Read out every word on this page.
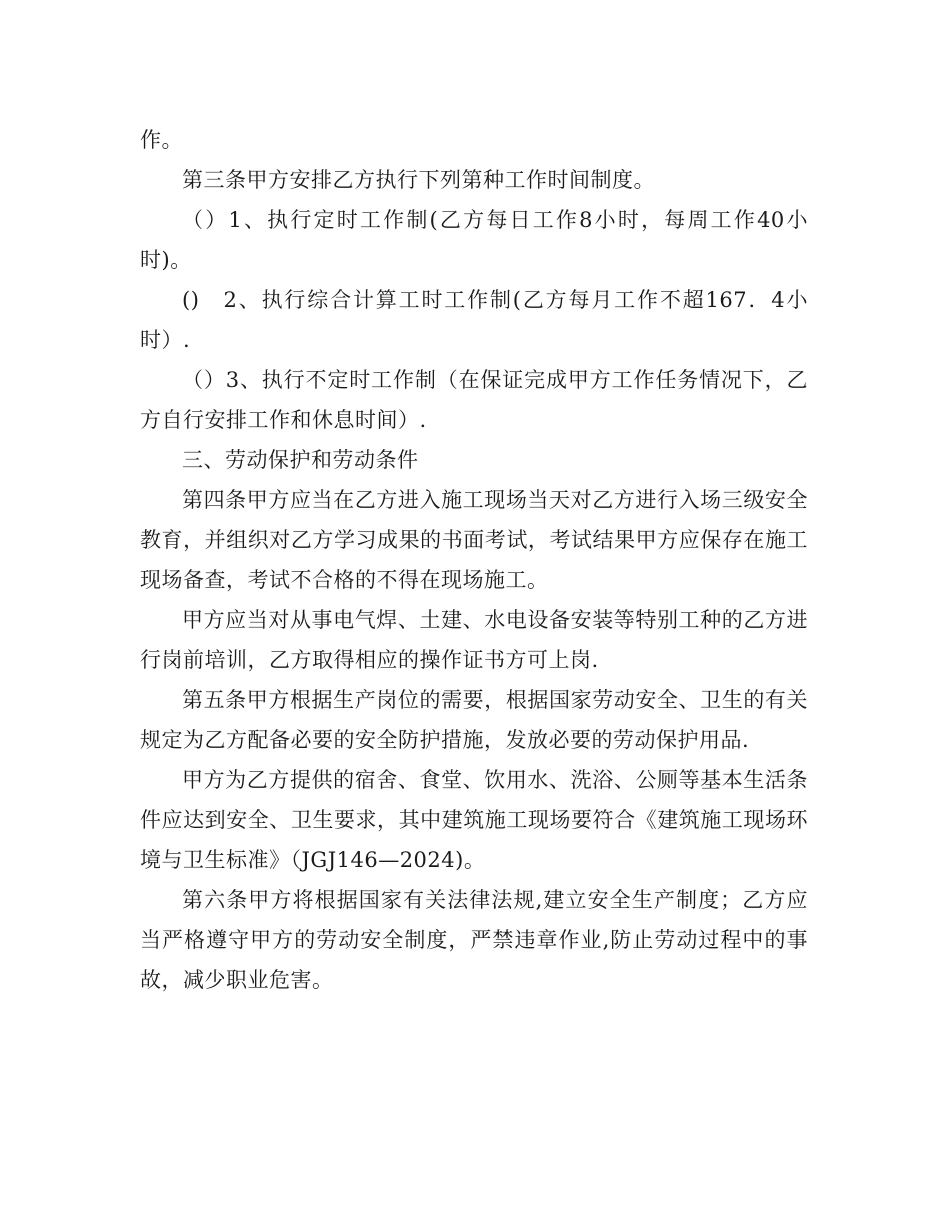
作。

第三条甲方安排乙方执行下列第种工作时间制度。

（）1、执行定时工作制(乙方每日工作8小时，每周工作40小时)。

()　2、执行综合计算工时工作制(乙方每月工作不超167．4小时）.

（）3、执行不定时工作制（在保证完成甲方工作任务情况下，乙方自行安排工作和休息时间）.

三、劳动保护和劳动条件

第四条甲方应当在乙方进入施工现场当天对乙方进行入场三级安全教育，并组织对乙方学习成果的书面考试，考试结果甲方应保存在施工现场备查，考试不合格的不得在现场施工。

甲方应当对从事电气焊、土建、水电设备安装等特别工种的乙方进行岗前培训，乙方取得相应的操作证书方可上岗.

第五条甲方根据生产岗位的需要，根据国家劳动安全、卫生的有关规定为乙方配备必要的安全防护措施，发放必要的劳动保护用品.

甲方为乙方提供的宿舍、食堂、饮用水、洗浴、公厕等基本生活条件应达到安全、卫生要求，其中建筑施工现场要符合《建筑施工现场环境与卫生标准》（JGJ146—2024)。

第六条甲方将根据国家有关法律法规,建立安全生产制度；乙方应当严格遵守甲方的劳动安全制度，严禁违章作业,防止劳动过程中的事故，减少职业危害。
